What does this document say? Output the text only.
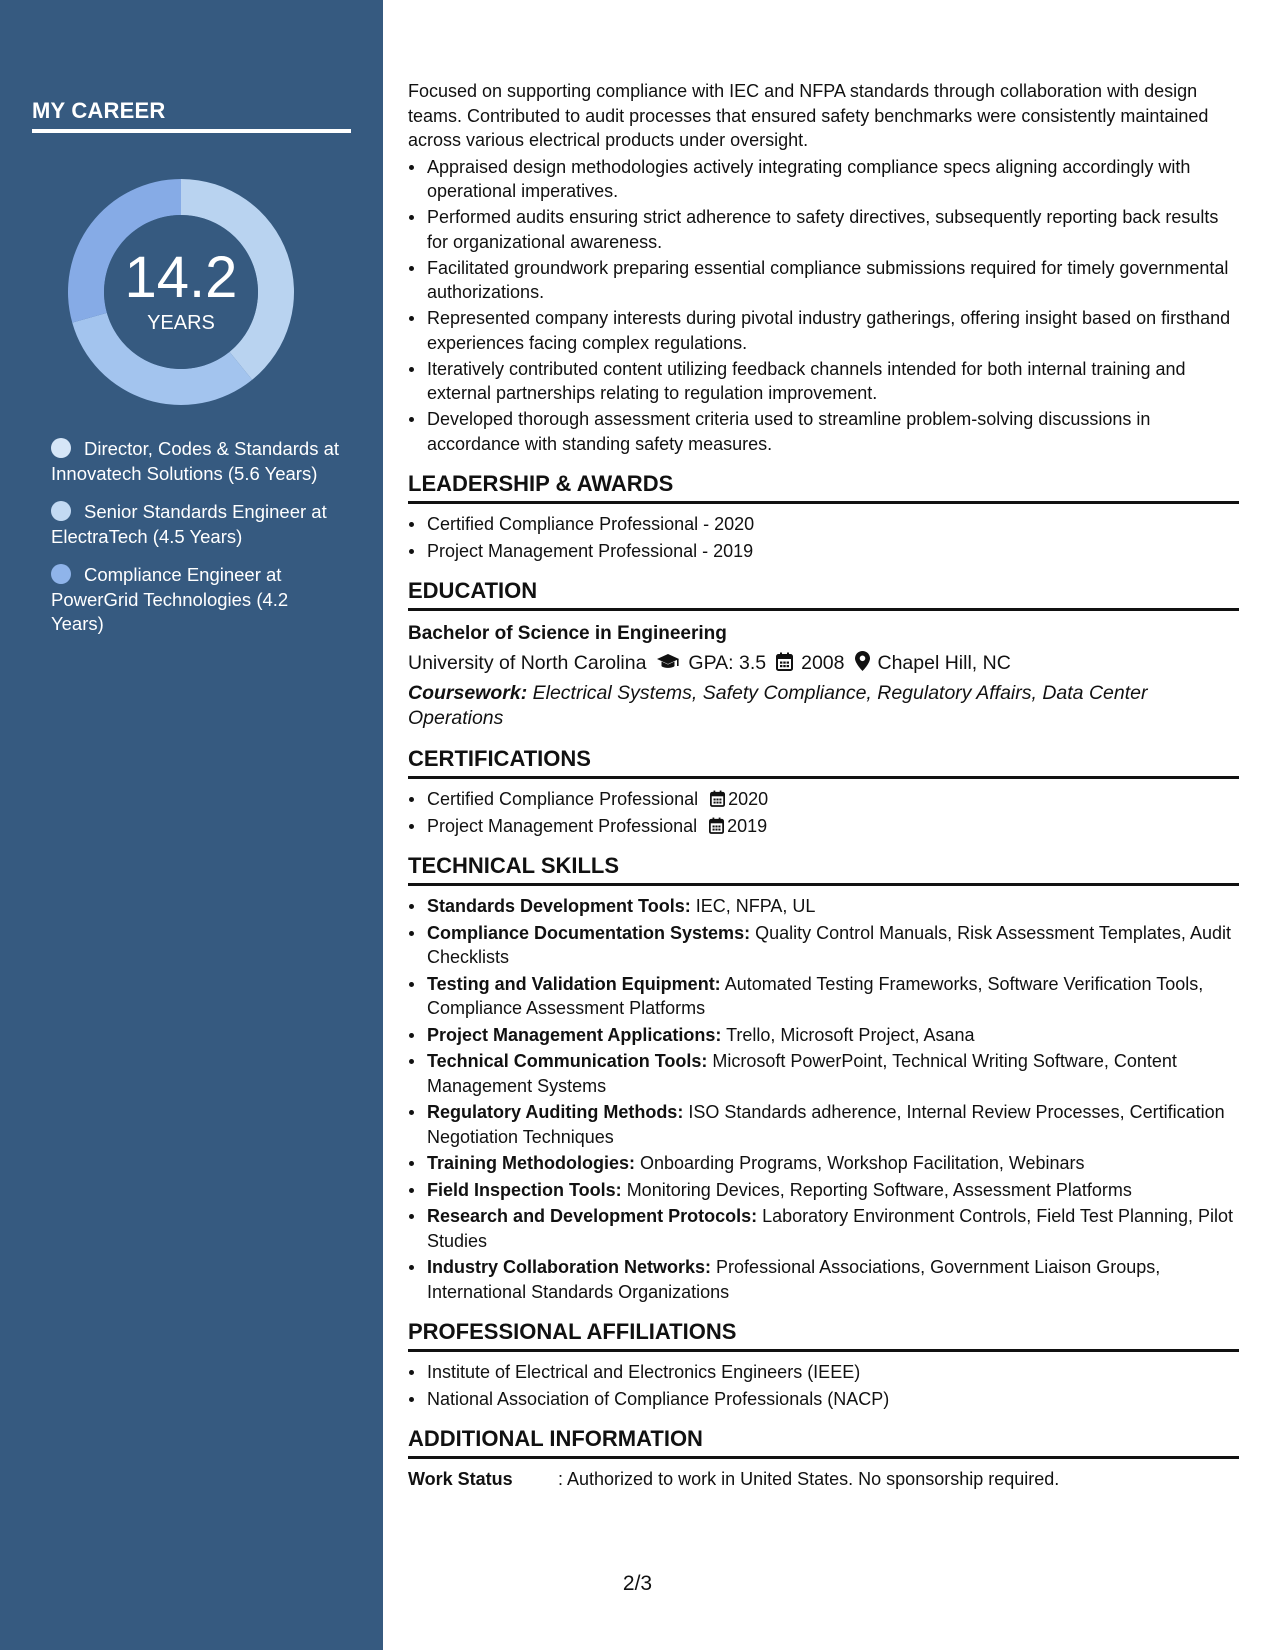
MY CAREER
14.2
YEARS
Director, Codes & Standards at Innovatech Solutions (5.6 Years)
Senior Standards Engineer at ElectraTech (4.5 Years)
Compliance Engineer at PowerGrid Technologies (4.2 Years)

Focused on supporting compliance with IEC and NFPA standards through collaboration with design teams. Contributed to audit processes that ensured safety benchmarks were consistently maintained across various electrical products under oversight.

• Appraised design methodologies actively integrating compliance specs aligning accordingly with operational imperatives.
• Performed audits ensuring strict adherence to safety directives, subsequently reporting back results for organizational awareness.
• Facilitated groundwork preparing essential compliance submissions required for timely governmental authorizations.
• Represented company interests during pivotal industry gatherings, offering insight based on firsthand experiences facing complex regulations.
• Iteratively contributed content utilizing feedback channels intended for both internal training and external partnerships relating to regulation improvement.
• Developed thorough assessment criteria used to streamline problem-solving discussions in accordance with standing safety measures.
LEADERSHIP & AWARDS
• Certified Compliance Professional - 2020
• Project Management Professional - 2019
EDUCATION
Bachelor of Science in Engineering
University of North Carolina GPA: 3.5 2008 Chapel Hill, NC
Coursework: Electrical Systems, Safety Compliance, Regulatory Affairs, Data Center Operations
CERTIFICATIONS
• Certified Compliance Professional 2020
• Project Management Professional 2019
TECHNICAL SKILLS
• Standards Development Tools: IEC, NFPA, UL
• Compliance Documentation Systems: Quality Control Manuals, Risk Assessment Templates, Audit Checklists
• Testing and Validation Equipment: Automated Testing Frameworks, Software Verification Tools, Compliance Assessment Platforms
• Project Management Applications: Trello, Microsoft Project, Asana
• Technical Communication Tools: Microsoft PowerPoint, Technical Writing Software, Content Management Systems
• Regulatory Auditing Methods: ISO Standards adherence, Internal Review Processes, Certification Negotiation Techniques
• Training Methodologies: Onboarding Programs, Workshop Facilitation, Webinars
• Field Inspection Tools: Monitoring Devices, Reporting Software, Assessment Platforms
• Research and Development Protocols: Laboratory Environment Controls, Field Test Planning, Pilot Studies
• Industry Collaboration Networks: Professional Associations, Government Liaison Groups, International Standards Organizations
PROFESSIONAL AFFILIATIONS
• Institute of Electrical and Electronics Engineers (IEEE)
• National Association of Compliance Professionals (NACP)
ADDITIONAL INFORMATION
Work Status	: Authorized to work in United States. No sponsorship required.
2/3
